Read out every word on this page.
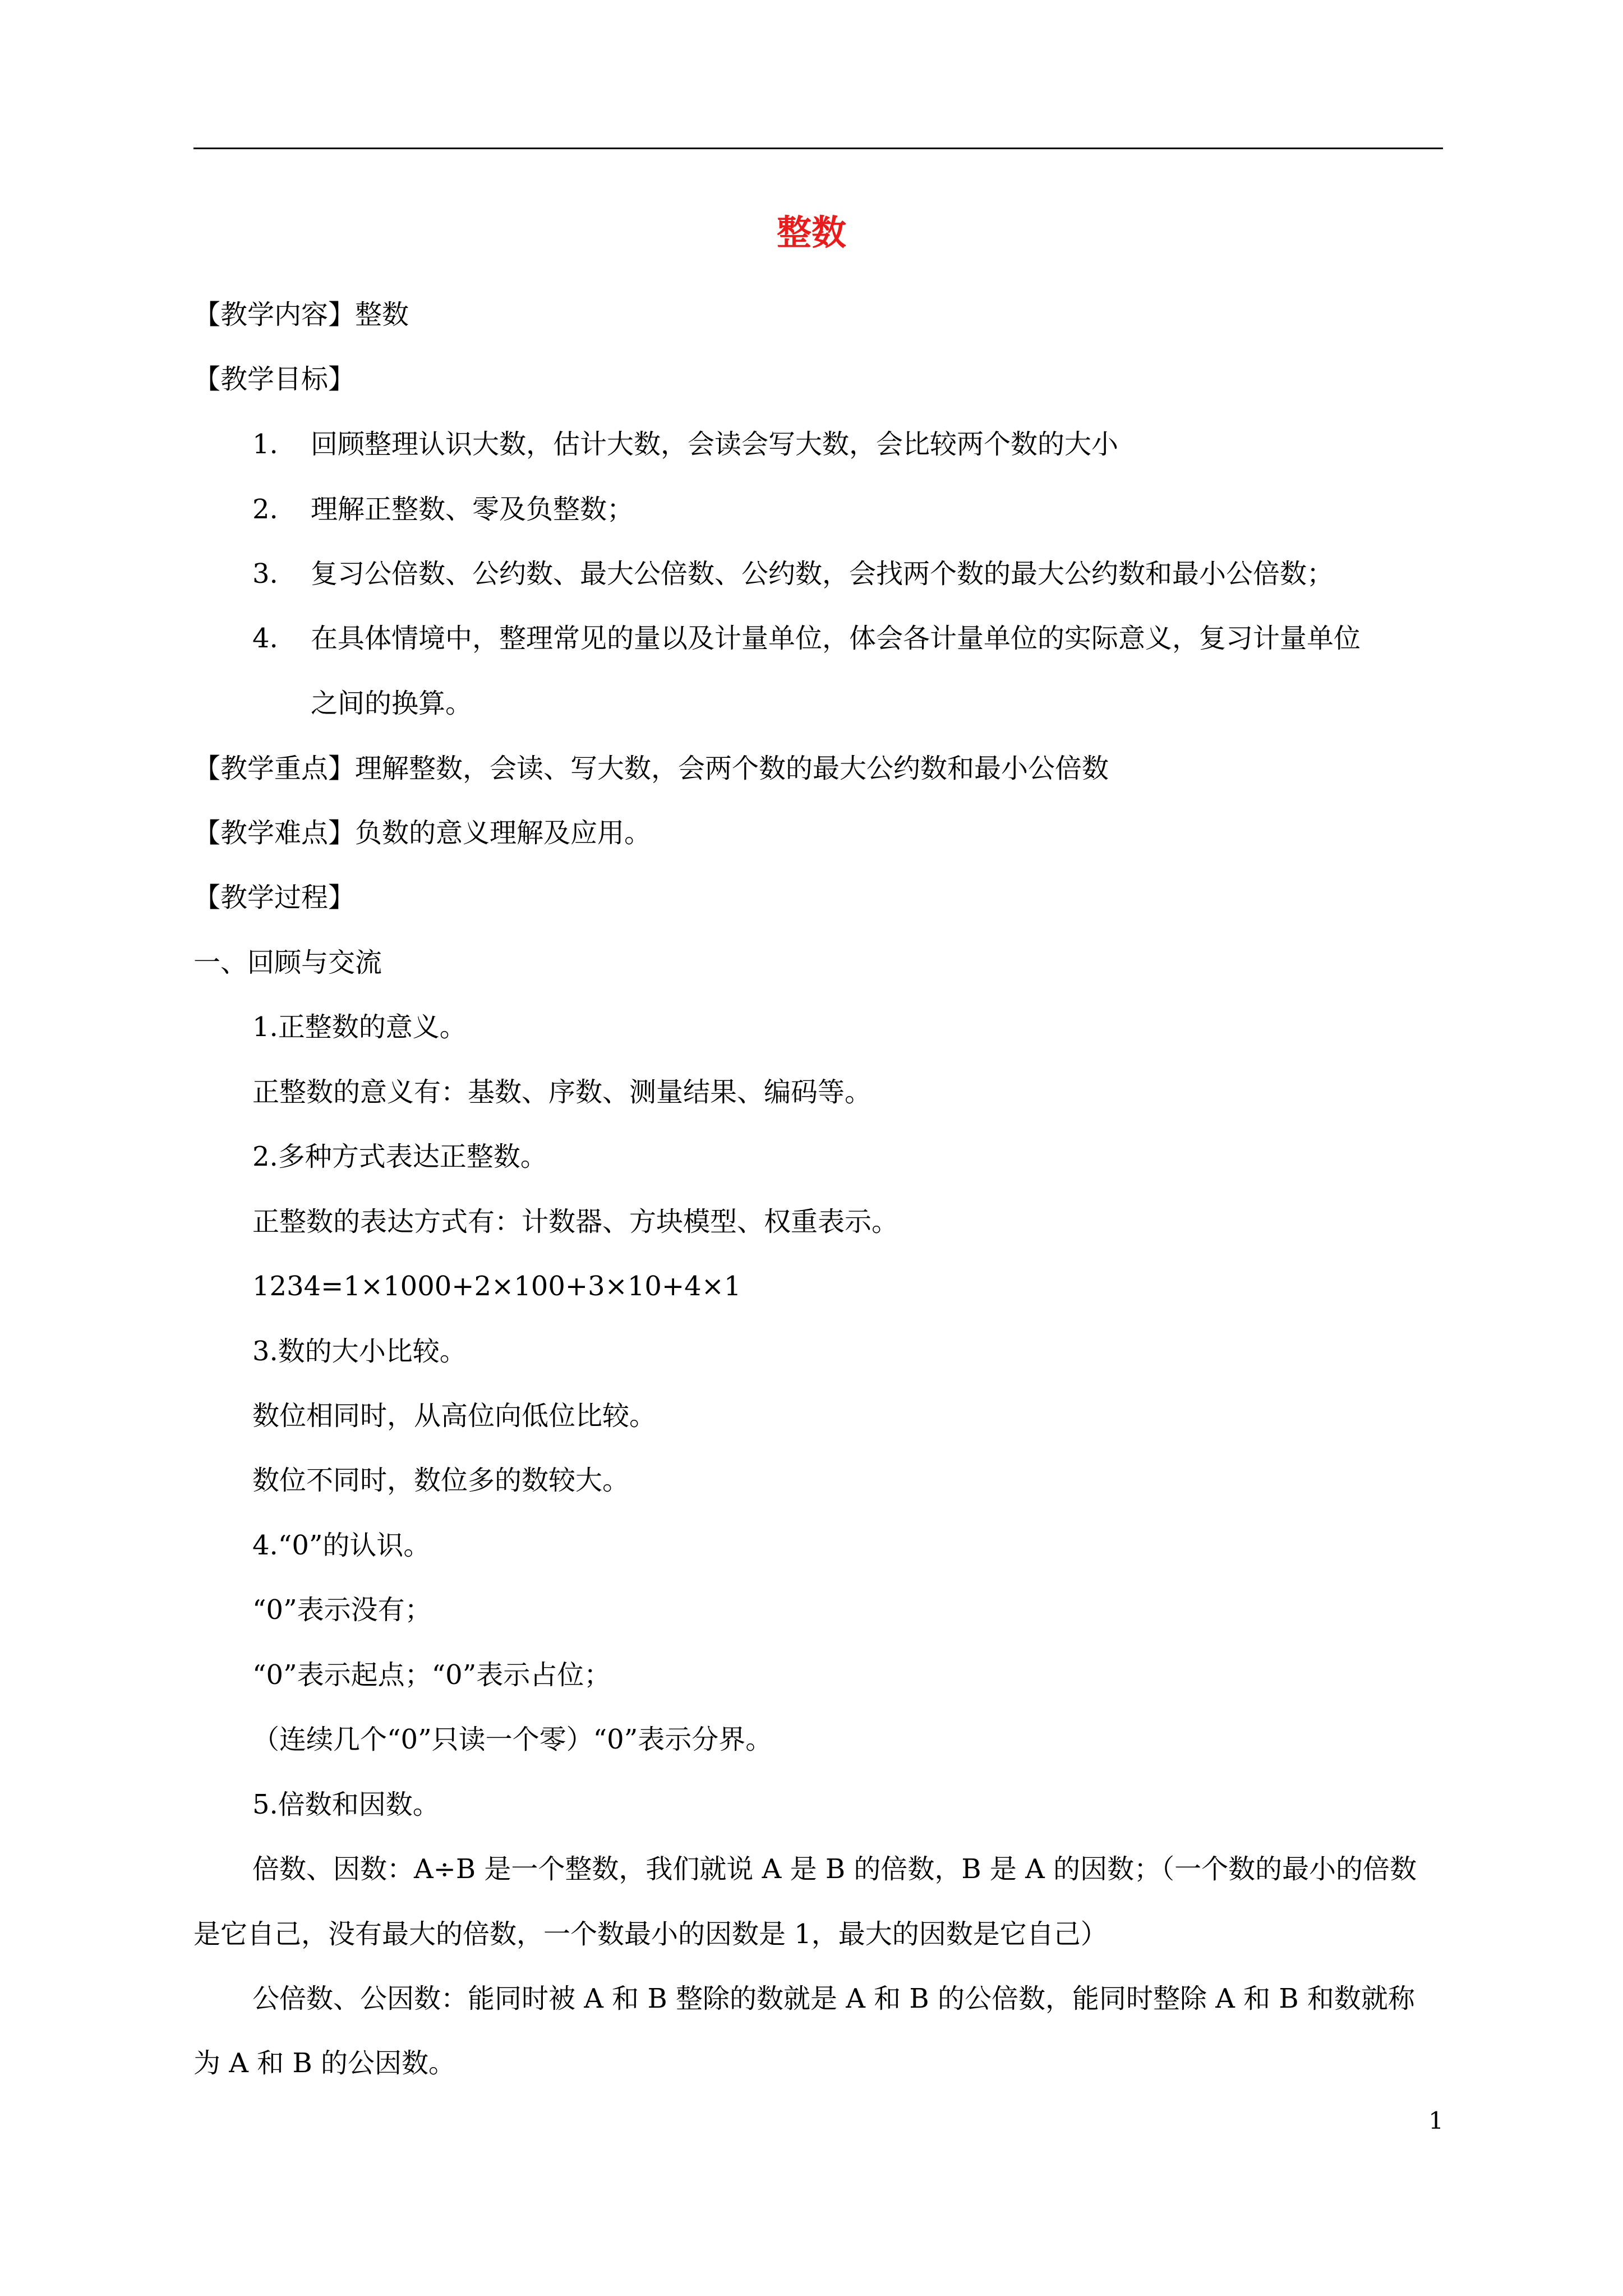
整数
【教学内容】整数
【教学目标】
1. 回顾整理认识大数，估计大数，会读会写大数，会比较两个数的大小
2. 理解正整数、零及负整数；
3. 复习公倍数、公约数、最大公倍数、公约数，会找两个数的最大公约数和最小公倍数；
4. 在具体情境中，整理常见的量以及计量单位，体会各计量单位的实际意义，复习计量单位
之间的换算。
【教学重点】理解整数，会读、写大数，会两个数的最大公约数和最小公倍数
【教学难点】负数的意义理解及应用。
【教学过程】
一、回顾与交流
1.正整数的意义。
正整数的意义有：基数、序数、测量结果、编码等。
2.多种方式表达正整数。
正整数的表达方式有：计数器、方块模型、权重表示。
1234=1×1000+2×100+3×10+4×1
3.数的大小比较。
数位相同时，从高位向低位比较。
数位不同时，数位多的数较大。
4.“0”的认识。
“0”表示没有；
“0”表示起点；“0”表示占位；
（连续几个“0”只读一个零）“0”表示分界。
5.倍数和因数。
倍数、因数：A÷B 是一个整数，我们就说 A 是 B 的倍数，B 是 A 的因数；（一个数的最小的倍数
是它自己，没有最大的倍数，一个数最小的因数是 1，最大的因数是它自己）
公倍数、公因数：能同时被 A 和 B 整除的数就是 A 和 B 的公倍数，能同时整除 A 和 B 和数就称
为 A 和 B 的公因数。
1
